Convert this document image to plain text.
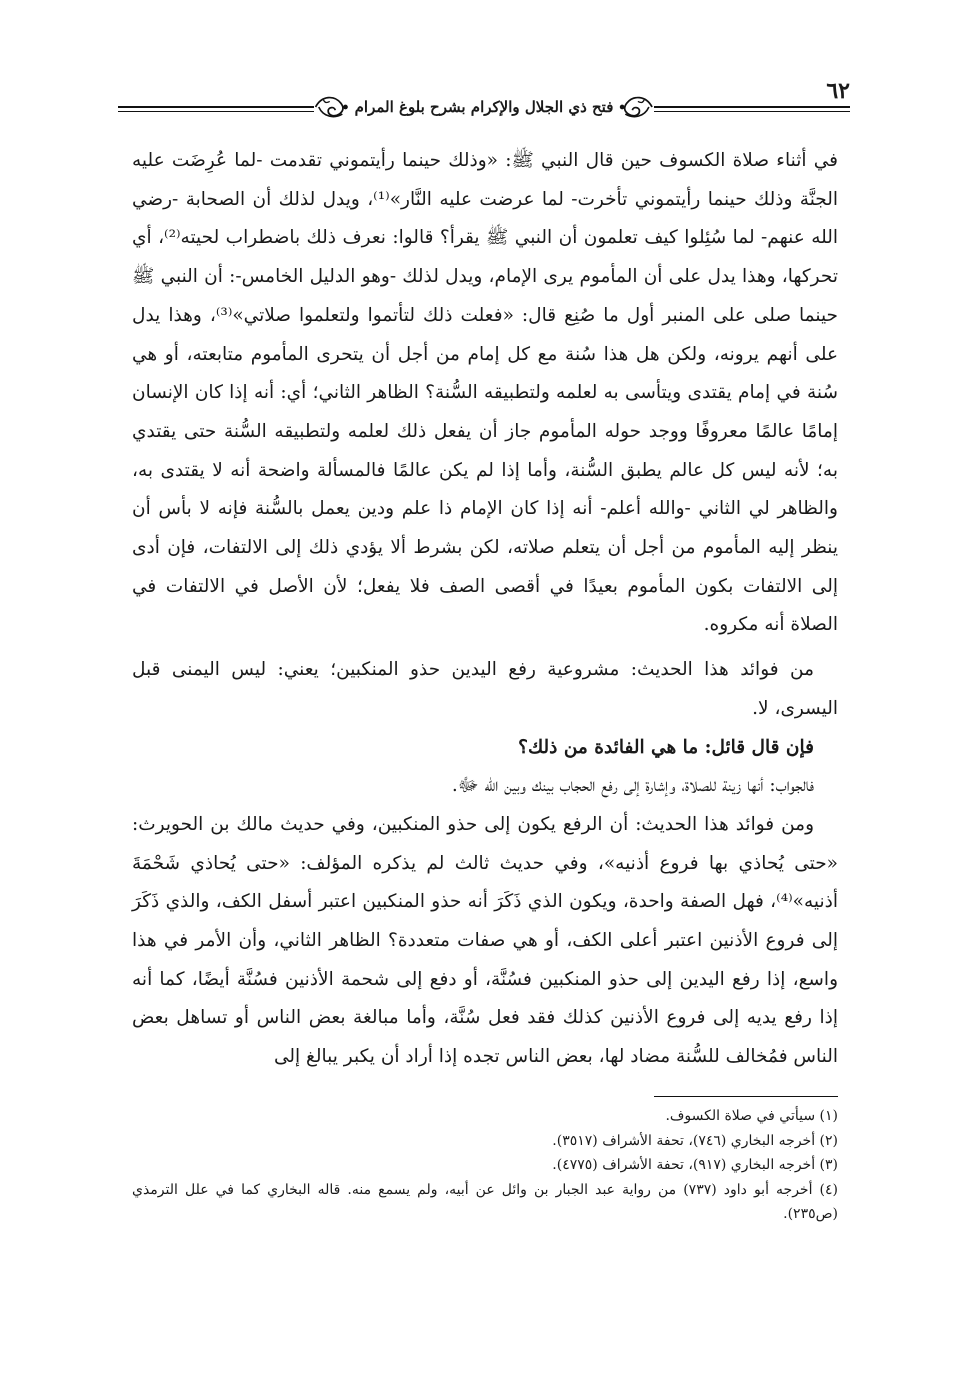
٦٢
فتح ذي الجلال والإكرام بشرح بلوغ المرام

في أثناء صلاة الكسوف حين قال النبي ﷺ: «وذلك حينما رأيتموني تقدمت -لما عُرِضَت عليه الجنَّة وذلك حينما رأيتموني تأخرت- لما عرضت عليه النَّار»⁽¹⁾، ويدل لذلك أن الصحابة -رضي الله عنهم- لما سُئِلوا كيف تعلمون أن النبي ﷺ يقرأ؟ قالوا: نعرف ذلك باضطراب لحيته⁽²⁾، أي تحركها، وهذا يدل على أن المأموم يرى الإمام، ويدل لذلك -وهو الدليل الخامس-: أن النبي ﷺ حينما صلى على المنبر أول ما صُنِع قال: «فعلت ذلك لتأتموا ولتعلموا صلاتي»⁽³⁾، وهذا يدل على أنهم يرونه، ولكن هل هذا سُنة مع كل إمام من أجل أن يتحرى المأموم متابعته، أو هي سُنة في إمام يقتدى ويتأسى به لعلمه ولتطبيقه السُّنة؟ الظاهر الثاني؛ أي: أنه إذا كان الإنسان إمامًا عالمًا معروفًا ووجد حوله المأموم جاز أن يفعل ذلك لعلمه ولتطبيقه السُّنة حتى يقتدي به؛ لأنه ليس كل عالم يطبق السُّنة، وأما إذا لم يكن عالمًا فالمسألة واضحة أنه لا يقتدى به، والظاهر لي الثاني -والله أعلم- أنه إذا كان الإمام ذا علم ودين يعمل بالسُّنة فإنه لا بأس أن ينظر إليه المأموم من أجل أن يتعلم صلاته، لكن بشرط ألا يؤدي ذلك إلى الالتفات، فإن أدى إلى الالتفات بكون المأموم بعيدًا في أقصى الصف فلا يفعل؛ لأن الأصل في الالتفات في الصلاة أنه مكروه.

من فوائد هذا الحديث: مشروعية رفع اليدين حذو المنكبين؛ يعني: ليس اليمنى قبل اليسرى، لا.

فإن قال قائل: ما هي الفائدة من ذلك؟

فالجواب: أنها زينة للصلاة، وإشارة إلى رفع الحجاب بينك وبين الله ﷻ.

ومن فوائد هذا الحديث: أن الرفع يكون إلى حذو المنكبين، وفي حديث مالك بن الحويرث: «حتى يُحاذي بها فروع أذنيه»، وفي حديث ثالث لم يذكره المؤلف: «حتى يُحاذي شَحْمَةَ أذنيه»⁽⁴⁾، فهل الصفة واحدة، ويكون الذي ذَكَرَ أنه حذو المنكبين اعتبر أسفل الكف، والذي ذَكَرَ إلى فروع الأذنين اعتبر أعلى الكف، أو هي صفات متعددة؟ الظاهر الثاني، وأن الأمر في هذا واسع، إذا رفع اليدين إلى حذو المنكبين فسُنَّة، أو دفع إلى شحمة الأذنين فسُنَّة أيضًا، كما أنه إذا رفع يديه إلى فروع الأذنين كذلك فقد فعل سُنَّة، وأما مبالغة بعض الناس أو تساهل بعض الناس فمُخالف للسُّنة مضاد لها، بعض الناس تجده إذا أراد أن يكبر يبالغ إلى

(١) سيأتي في صلاة الكسوف.

(٢) أخرجه البخاري (٧٤٦)، تحفة الأشراف (٣٥١٧).

(٣) أخرجه البخاري (٩١٧)، تحفة الأشراف (٤٧٧٥).

(٤) أخرجه أبو داود (٧٣٧) من رواية عبد الجبار بن وائل عن أبيه، ولم يسمع منه. قاله البخاري كما في علل الترمذي (ص٢٣٥).
